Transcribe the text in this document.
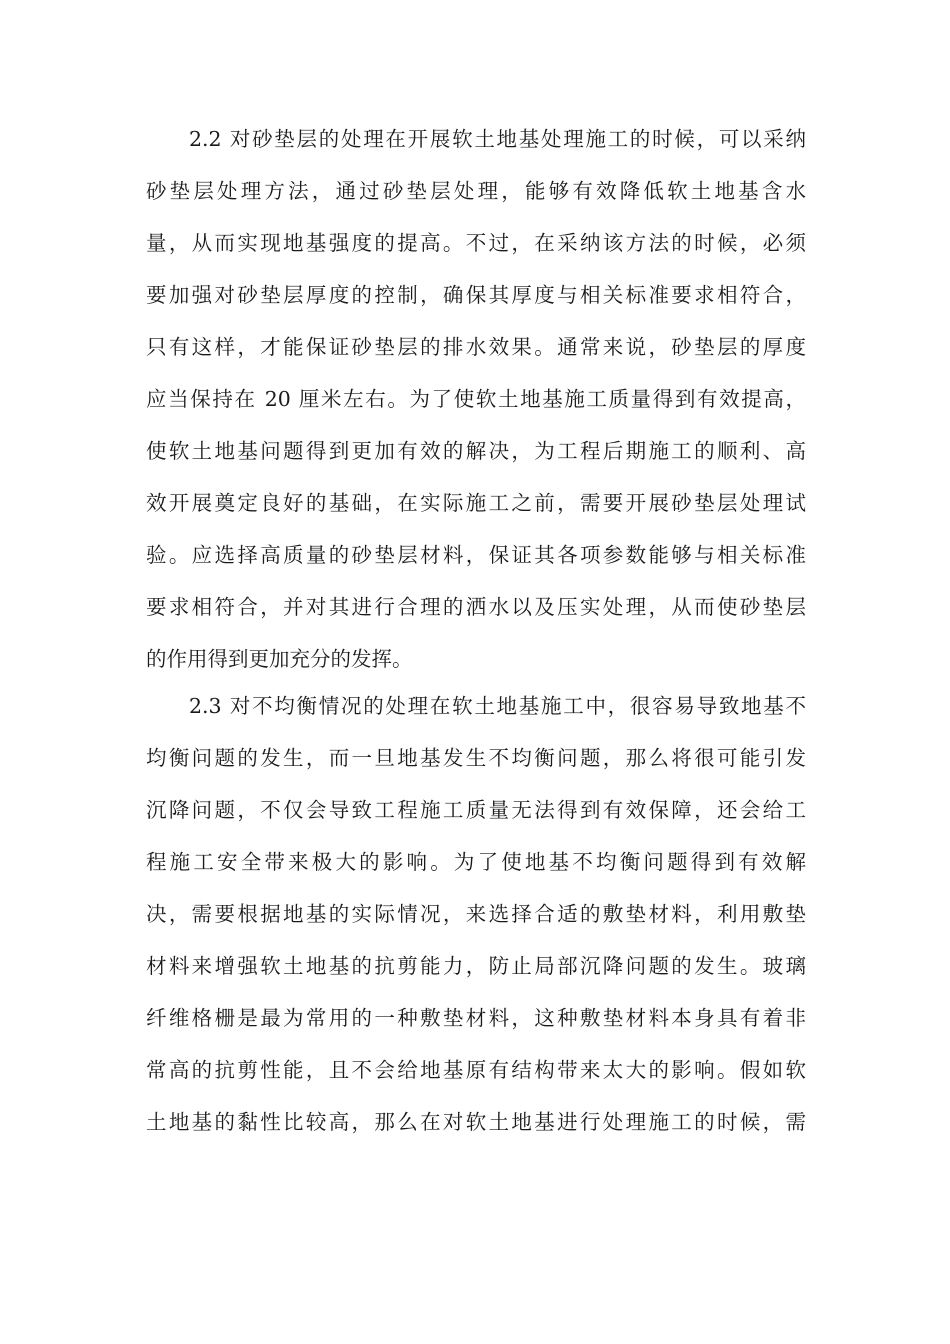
2.2 对砂垫层的处理在开展软土地基处理施工的时候，可以采纳
砂垫层处理方法，通过砂垫层处理，能够有效降低软土地基含水
量，从而实现地基强度的提高。不过，在采纳该方法的时候，必须
要加强对砂垫层厚度的控制，确保其厚度与相关标准要求相符合，
只有这样，才能保证砂垫层的排水效果。通常来说，砂垫层的厚度
应当保持在 20 厘米左右。为了使软土地基施工质量得到有效提高，
使软土地基问题得到更加有效的解决，为工程后期施工的顺利、高
效开展奠定良好的基础，在实际施工之前，需要开展砂垫层处理试
验。应选择高质量的砂垫层材料，保证其各项参数能够与相关标准
要求相符合，并对其进行合理的洒水以及压实处理，从而使砂垫层
的作用得到更加充分的发挥。
2.3 对不均衡情况的处理在软土地基施工中，很容易导致地基不
均衡问题的发生，而一旦地基发生不均衡问题，那么将很可能引发
沉降问题，不仅会导致工程施工质量无法得到有效保障，还会给工
程施工安全带来极大的影响。为了使地基不均衡问题得到有效解
决，需要根据地基的实际情况，来选择合适的敷垫材料，利用敷垫
材料来增强软土地基的抗剪能力，防止局部沉降问题的发生。玻璃
纤维格栅是最为常用的一种敷垫材料，这种敷垫材料本身具有着非
常高的抗剪性能，且不会给地基原有结构带来太大的影响。假如软
土地基的黏性比较高，那么在对软土地基进行处理施工的时候，需
